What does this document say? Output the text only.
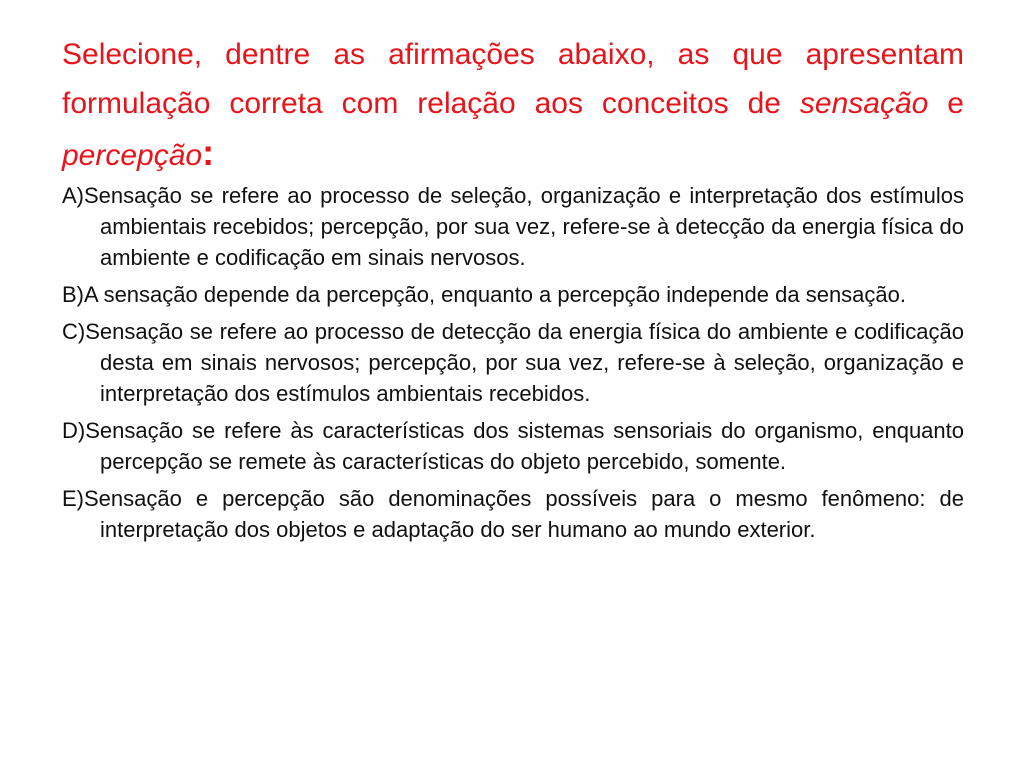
Selecione, dentre as afirmações abaixo, as que apresentam formulação correta com relação aos conceitos de sensação e percepção:
A)Sensação se refere ao processo de seleção, organização e interpretação dos estímulos ambientais recebidos; percepção, por sua vez, refere-se à detecção da energia física do ambiente e codificação em sinais nervosos.
B)A sensação depende da percepção, enquanto a percepção independe da sensação.
C)Sensação se refere ao processo de detecção da energia física do ambiente e codificação desta em sinais nervosos; percepção, por sua vez, refere-se à seleção, organização e interpretação dos estímulos ambientais recebidos.
D)Sensação se refere às características dos sistemas sensoriais do organismo, enquanto percepção se remete às características do objeto percebido, somente.
E)Sensação e percepção são denominações possíveis para o mesmo fenômeno: de interpretação dos objetos e adaptação do ser humano ao mundo exterior.
